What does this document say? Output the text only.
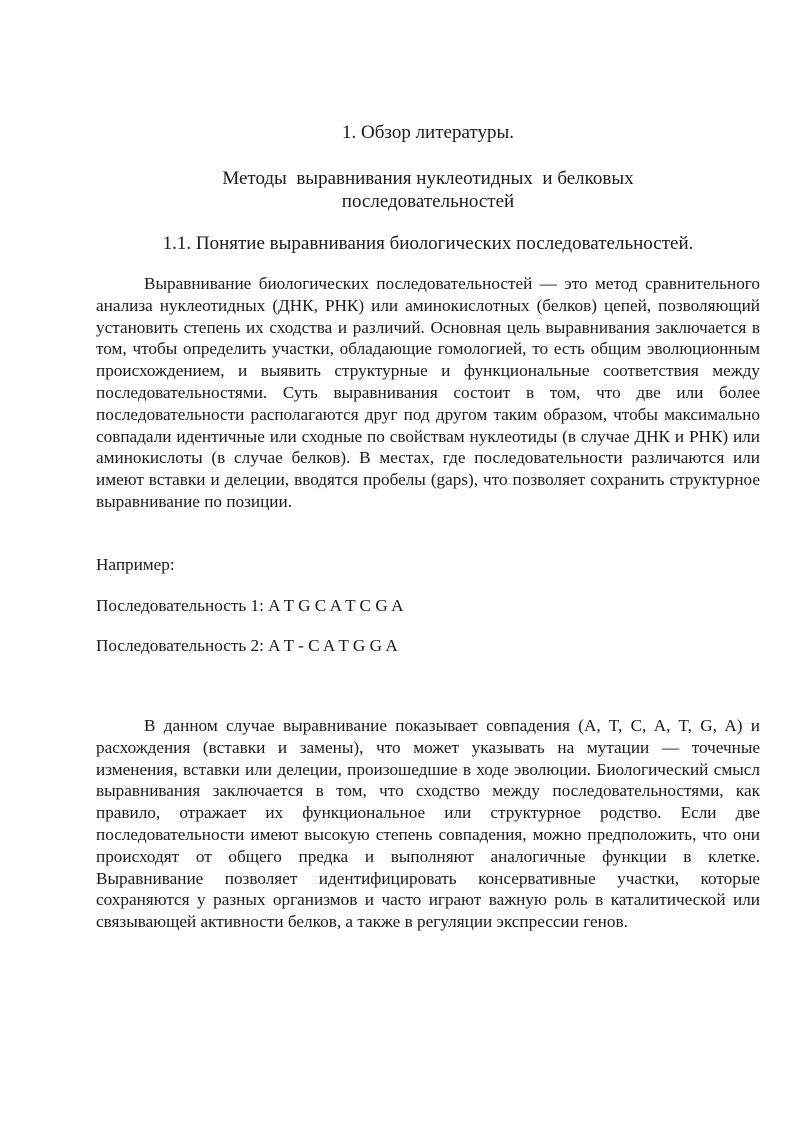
1. Обзор литературы.
Методы  выравнивания нуклеотидных  и белковых
последовательностей
1.1. Понятие выравнивания биологических последовательностей.

Выравнивание биологических последовательностей — это метод сравнительного анализа нуклеотидных (ДНК, РНК) или аминокислотных (белков) цепей, позволяющий установить степень их сходства и различий. Основная цель выравнивания заключается в том, чтобы определить участки, обладающие гомологией, то есть общим эволюционным происхождением, и выявить структурные и функциональные соответствия между последовательностями. Суть выравнивания состоит в том, что две или более последовательности располагаются друг под другом таким образом, чтобы максимально совпадали идентичные или сходные по свойствам нуклеотиды (в случае ДНК и РНК) или аминокислоты (в случае белков). В местах, где последовательности различаются или имеют вставки и делеции, вводятся пробелы (gaps), что позволяет сохранить структурное выравнивание по позиции.

Например:

Последовательность 1: A T G C A T C G A

Последовательность 2: A T - C A T G G A

В данном случае выравнивание показывает совпадения (A, T, C, A, T, G, A) и расхождения (вставки и замены), что может указывать на мутации — точечные изменения, вставки или делеции, произошедшие в ходе эволюции. Биологический смысл выравнивания заключается в том, что сходство между последовательностями, как правило, отражает их функциональное или структурное родство. Если две последовательности имеют высокую степень совпадения, можно предположить, что они происходят от общего предка и выполняют аналогичные функции в клетке. Выравнивание позволяет идентифицировать консервативные участки, которые сохраняются у разных организмов и часто играют важную роль в каталитической или связывающей активности белков, а также в регуляции экспрессии генов.
